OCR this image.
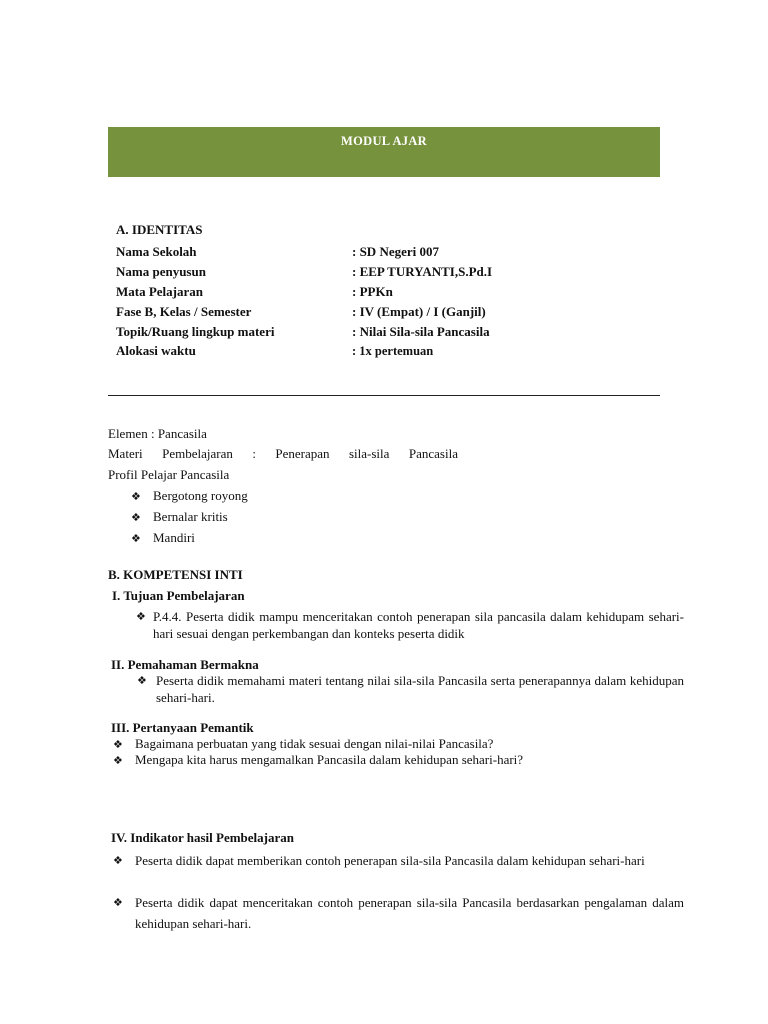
MODUL AJAR
A. IDENTITAS
Nama Sekolah	: SD Negeri 007
Nama penyusun	: EEP TURYANTI,S.Pd.I
Mata Pelajaran	: PPKn
Fase B, Kelas / Semester	: IV (Empat) / I (Ganjil)
Topik/Ruang lingkup materi	: Nilai Sila-sila Pancasila
Alokasi waktu	: 1x pertemuan
Elemen : Pancasila
Materi Pembelajaran : Penerapan sila-sila Pancasila
Profil Pelajar Pancasila
❖ Bergotong royong
❖ Bernalar kritis
❖ Mandiri
B. KOMPETENSI INTI
I. Tujuan Pembelajaran
❖ P.4.4. Peserta didik mampu menceritakan contoh penerapan sila pancasila dalam kehidupam sehari-hari sesuai dengan perkembangan dan konteks peserta didik
II. Pemahaman Bermakna
❖ Peserta didik memahami materi tentang nilai sila-sila Pancasila serta penerapannya dalam kehidupan sehari-hari.
III. Pertanyaan Pemantik
❖ Bagaimana perbuatan yang tidak sesuai dengan nilai-nilai Pancasila?
❖ Mengapa kita harus mengamalkan Pancasila dalam kehidupan sehari-hari?
IV. Indikator hasil Pembelajaran
❖ Peserta didik dapat memberikan contoh penerapan sila-sila Pancasila dalam kehidupan sehari-hari
❖ Peserta didik dapat menceritakan contoh penerapan sila-sila Pancasila berdasarkan pengalaman dalam kehidupan sehari-hari.
